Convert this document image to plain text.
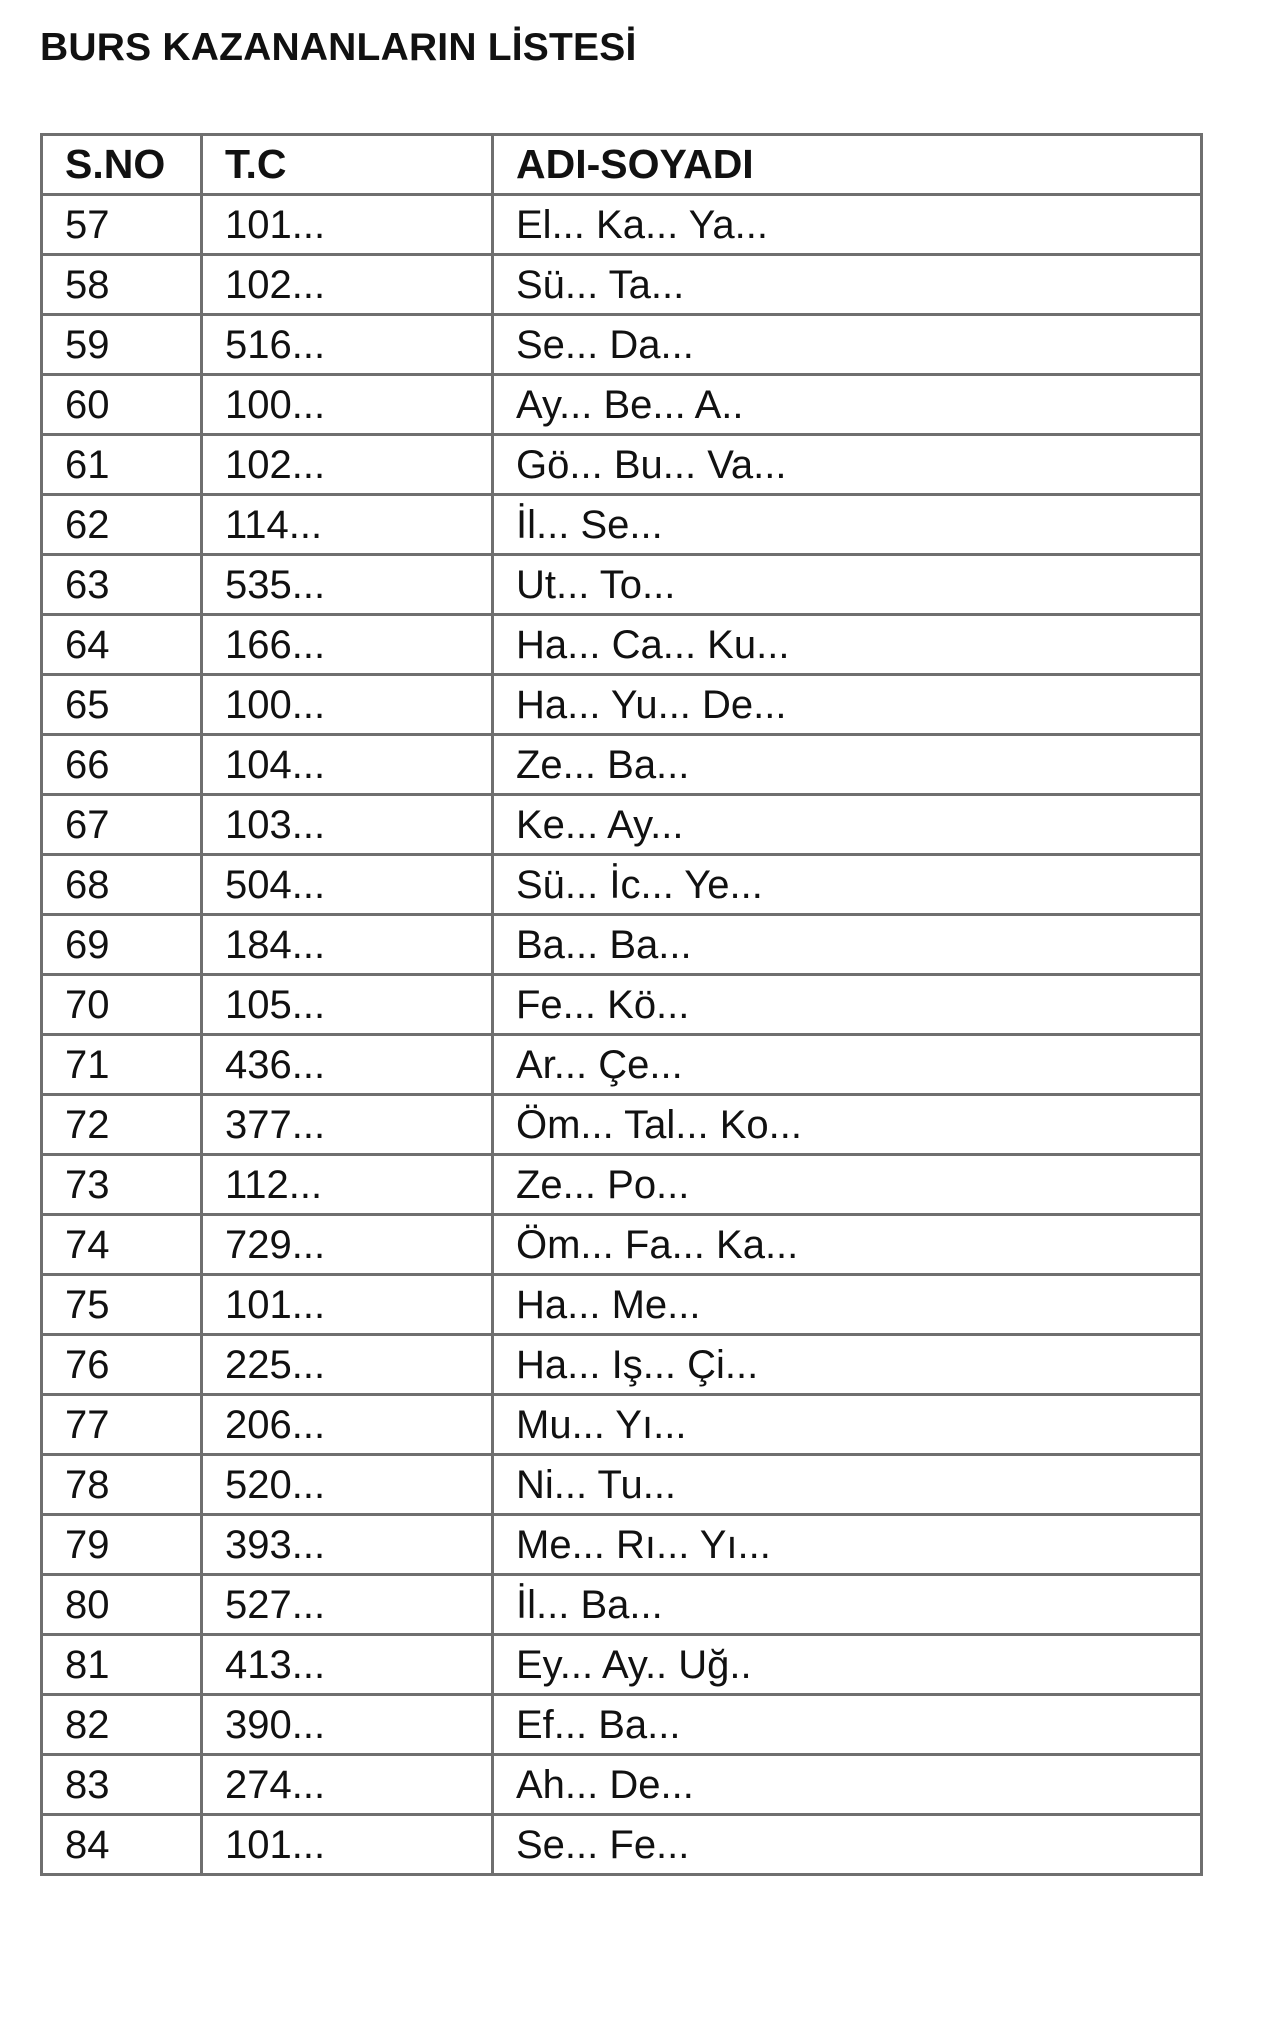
BURS KAZANANLARIN LİSTESİ
S.NO	T.C	ADI-SOYADI
57	101...	El... Ka... Ya...
58	102...	Sü... Ta...
59	516...	Se... Da...
60	100...	Ay... Be... A..
61	102...	Gö... Bu... Va...
62	114...	İl... Se...
63	535...	Ut... To...
64	166...	Ha... Ca... Ku...
65	100...	Ha... Yu... De...
66	104...	Ze... Ba...
67	103...	Ke... Ay...
68	504...	Sü... İc... Ye...
69	184...	Ba... Ba...
70	105...	Fe... Kö...
71	436...	Ar... Çe...
72	377...	Öm... Tal... Ko...
73	112...	Ze... Po...
74	729...	Öm... Fa... Ka...
75	101...	Ha... Me...
76	225...	Ha... Iş... Çi...
77	206...	Mu... Yı...
78	520...	Ni... Tu...
79	393...	Me... Rı... Yı...
80	527...	İl... Ba...
81	413...	Ey... Ay.. Uğ..
82	390...	Ef... Ba...
83	274...	Ah... De...
84	101...	Se... Fe...
